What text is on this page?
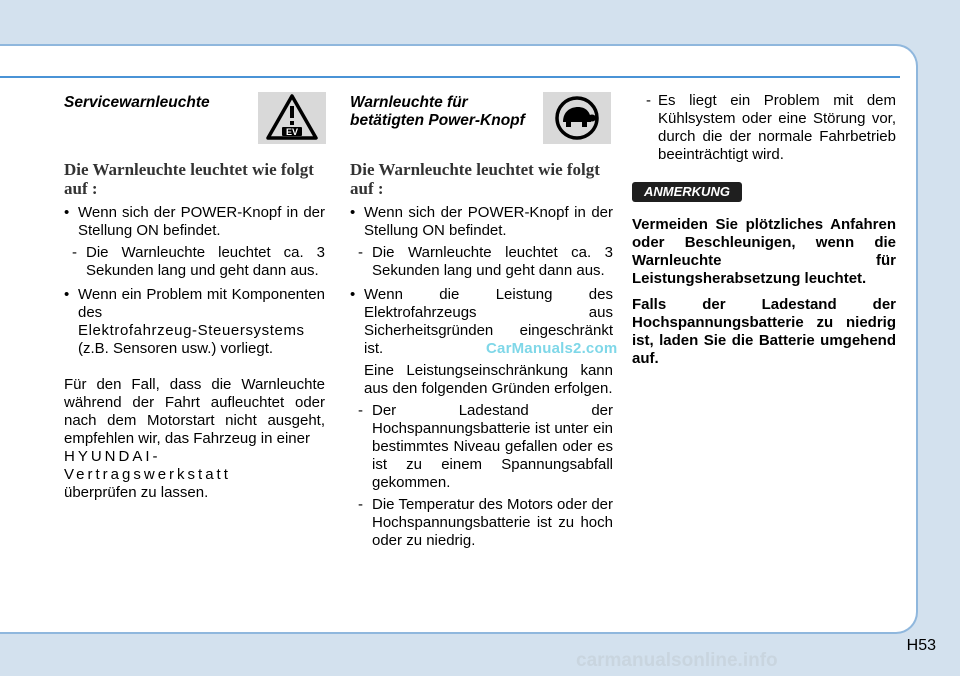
Servicewarnleuchte

EV

Die Warnleuchte leuchtet wie folgt auf :

• Wenn sich der POWER-Knopf in der Stellung ON befindet.
- Die Warnleuchte leuchtet ca. 3 Sekunden lang und geht dann aus.
• Wenn ein Problem mit Komponenten des
Elektrofahrzeug-Steuersystems
(z.B. Sensoren usw.) vorliegt.

Für den Fall, dass die Warnleuchte während der Fahrt aufleuchtet oder nach dem Motorstart nicht ausgeht, empfehlen wir, das Fahrzeug in einer
HYUNDAI-Vertragswerkstatt
überprüfen zu lassen.

Warnleuchte für
betätigten Power-Knopf

Die Warnleuchte leuchtet wie folgt auf :

• Wenn sich der POWER-Knopf in der Stellung ON befindet.
- Die Warnleuchte leuchtet ca. 3 Sekunden lang und geht dann aus.
• Wenn die Leistung des Elektrofahrzeugs aus Sicherheitsgründen eingeschränkt ist.

Eine Leistungseinschränkung kann aus den folgenden Gründen erfolgen.

- Der Ladestand der Hochspannungsbatterie ist unter ein bestimmtes Niveau gefallen oder es ist zu einem Spannungsabfall gekommen.
- Die Temperatur des Motors oder der Hochspannungsbatterie ist zu hoch oder zu niedrig.
- Es liegt ein Problem mit dem Kühlsystem oder eine Störung vor, durch die der normale Fahrbetrieb beeinträchtigt wird.
ANMERKUNG

Vermeiden Sie plötzliches Anfahren oder Beschleunigen, wenn die Warnleuchte für Leistungsherabsetzung leuchtet.

Falls der Ladestand der Hochspannungsbatterie zu niedrig ist, laden Sie die Batterie umgehend auf.

CarManuals2.com
H53
carmanualsonline.info
